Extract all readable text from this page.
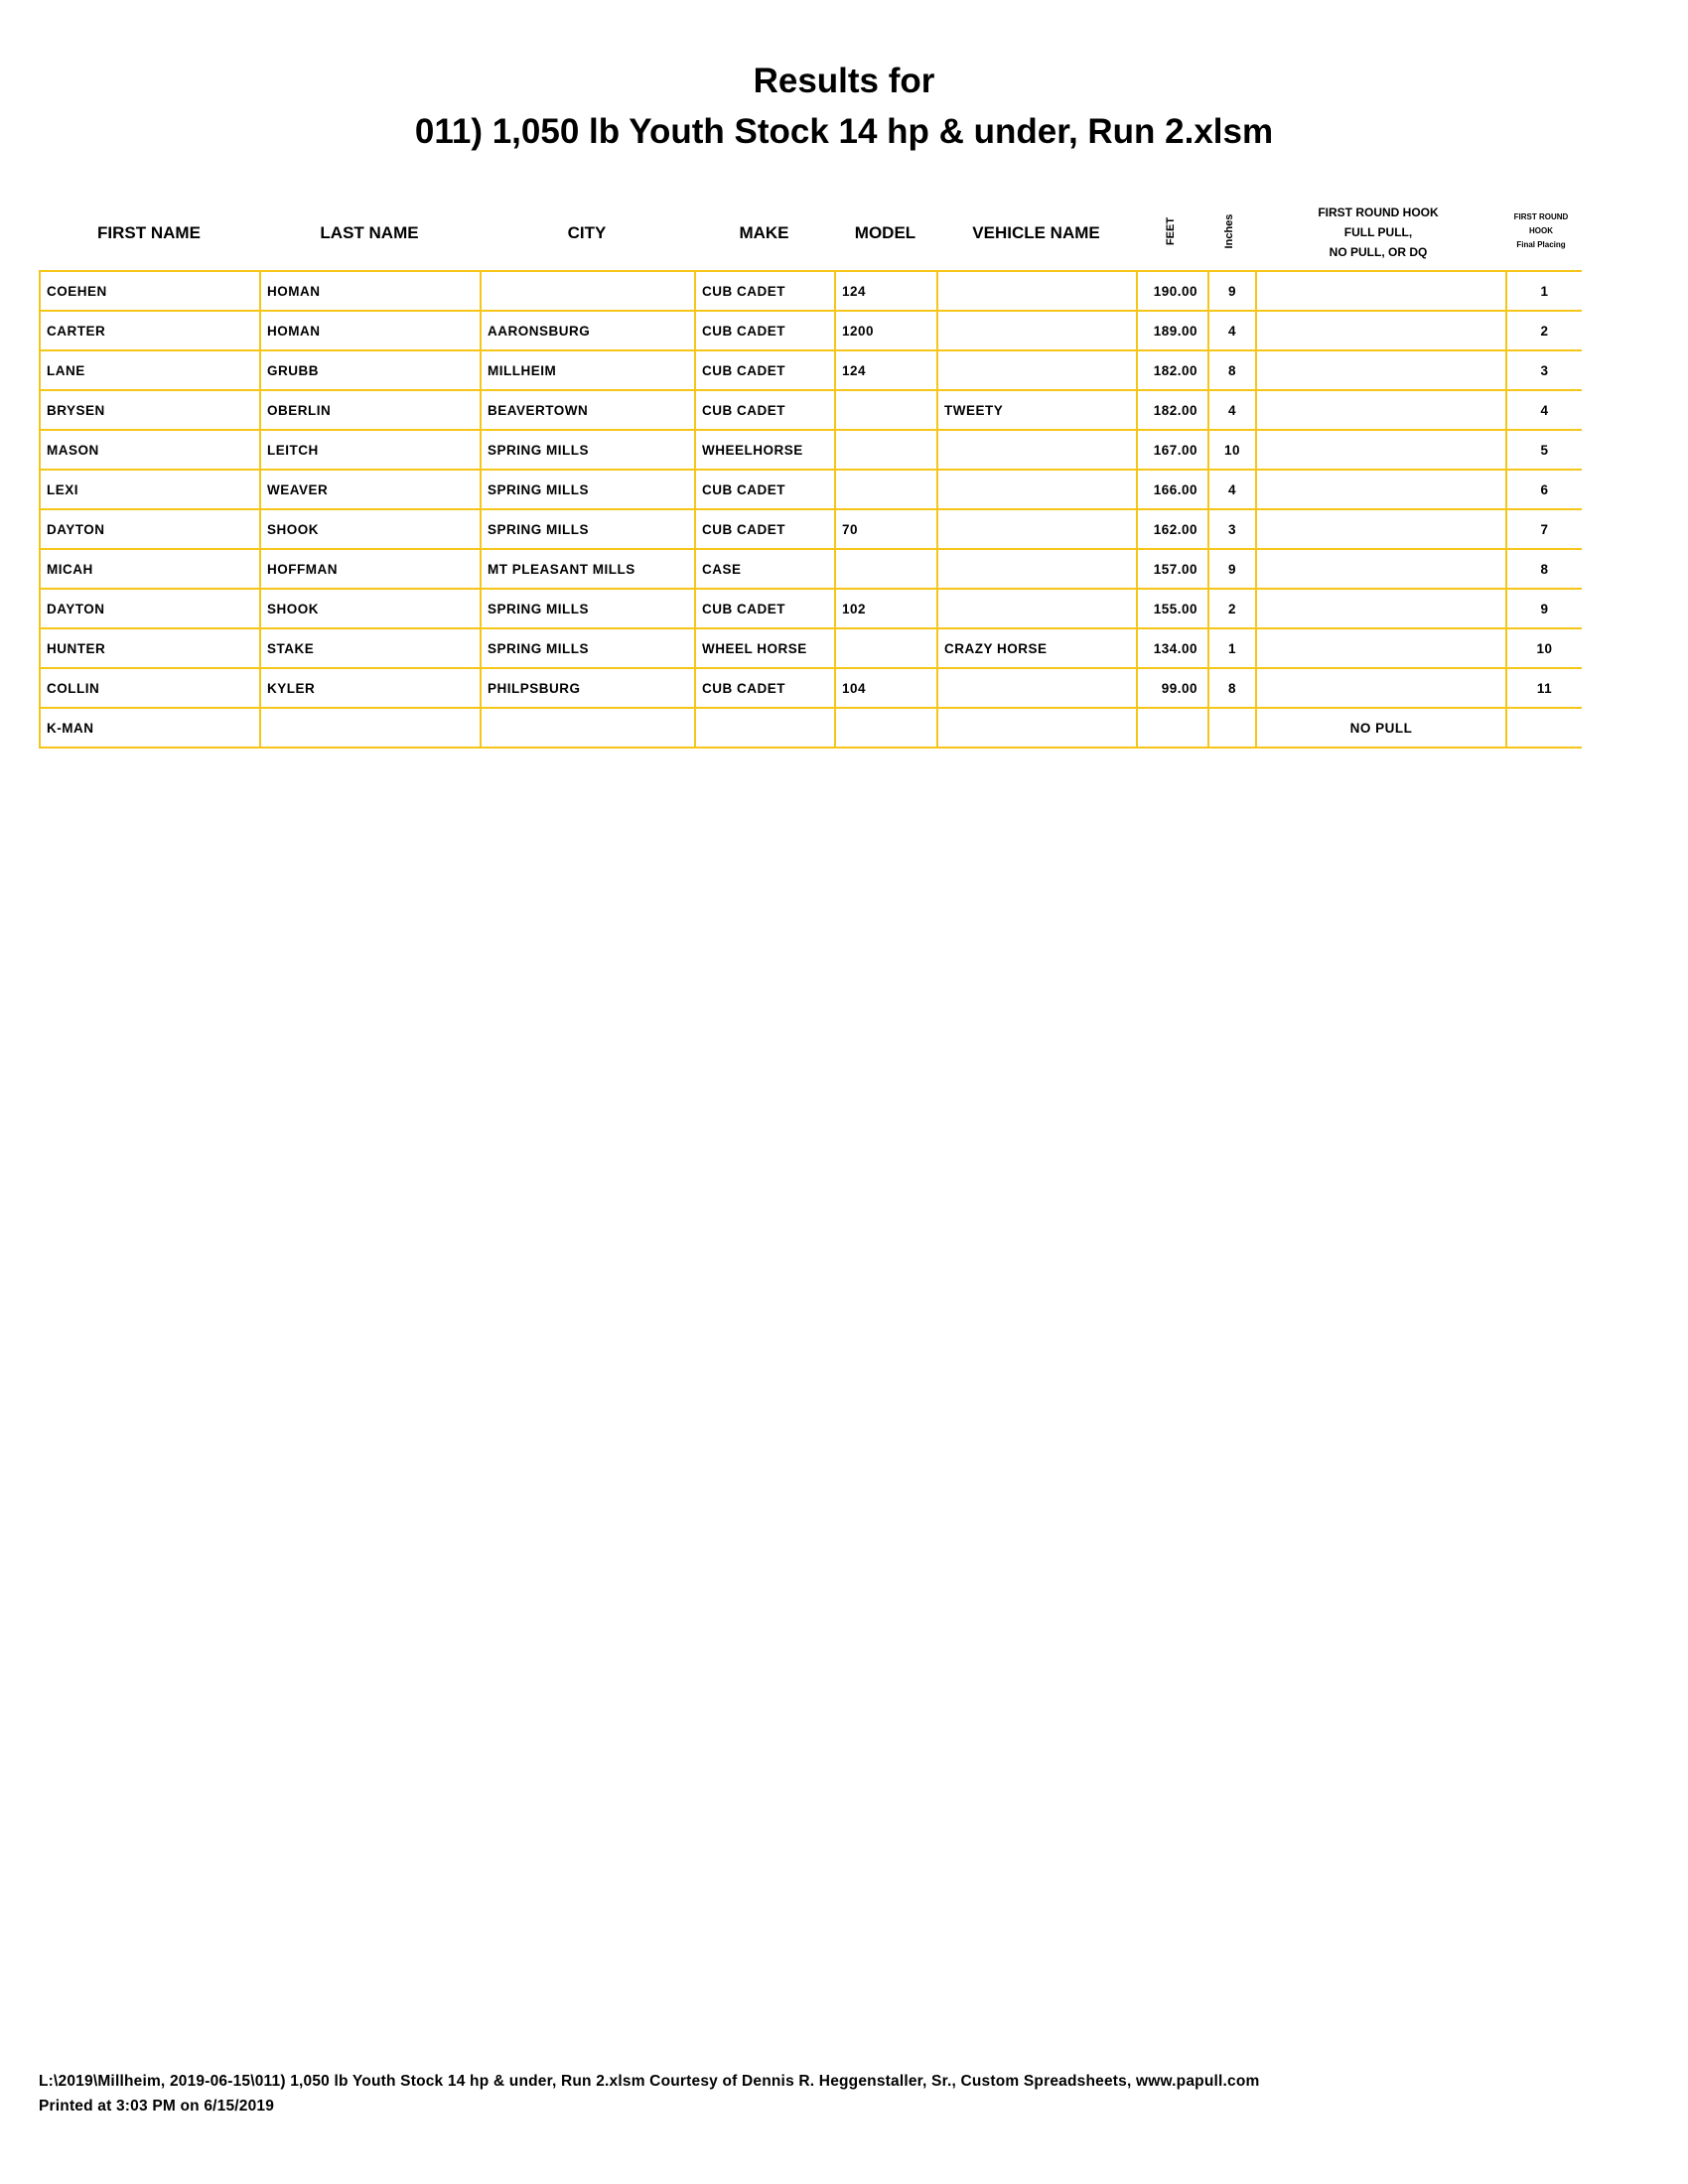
Results for
011) 1,050 lb Youth Stock 14 hp & under, Run 2.xlsm
FIRST NAME	LAST NAME	CITY	MAKE	MODEL	VEHICLE NAME	FEET	Inches
FIRST ROUND HOOK
FULL PULL,
NO PULL, OR DQ
FIRST ROUND
HOOK
Final Placing
COEHEN	HOMAN		CUB CADET	124		190.00	9		1
CARTER	HOMAN	AARONSBURG	CUB CADET	1200		189.00	4		2
LANE	GRUBB	MILLHEIM	CUB CADET	124		182.00	8		3
BRYSEN	OBERLIN	BEAVERTOWN	CUB CADET		TWEETY	182.00	4		4
MASON	LEITCH	SPRING MILLS	WHEELHORSE			167.00	10		5
LEXI	WEAVER	SPRING MILLS	CUB CADET			166.00	4		6
DAYTON	SHOOK	SPRING MILLS	CUB CADET	70		162.00	3		7
MICAH	HOFFMAN	MT PLEASANT MILLS	CASE			157.00	9		8
DAYTON	SHOOK	SPRING MILLS	CUB CADET	102		155.00	2		9
HUNTER	STAKE	SPRING MILLS	WHEEL HORSE		CRAZY HORSE	134.00	1		10
COLLIN	KYLER	PHILPSBURG	CUB CADET	104		99.00	8		11
K-MAN								NO PULL	
L:\2019\Millheim, 2019-06-15\011) 1,050 lb Youth Stock 14 hp & under, Run 2.xlsm Courtesy of Dennis R. Heggenstaller, Sr., Custom Spreadsheets, www.papull.com
Printed at 3:03 PM on 6/15/2019
